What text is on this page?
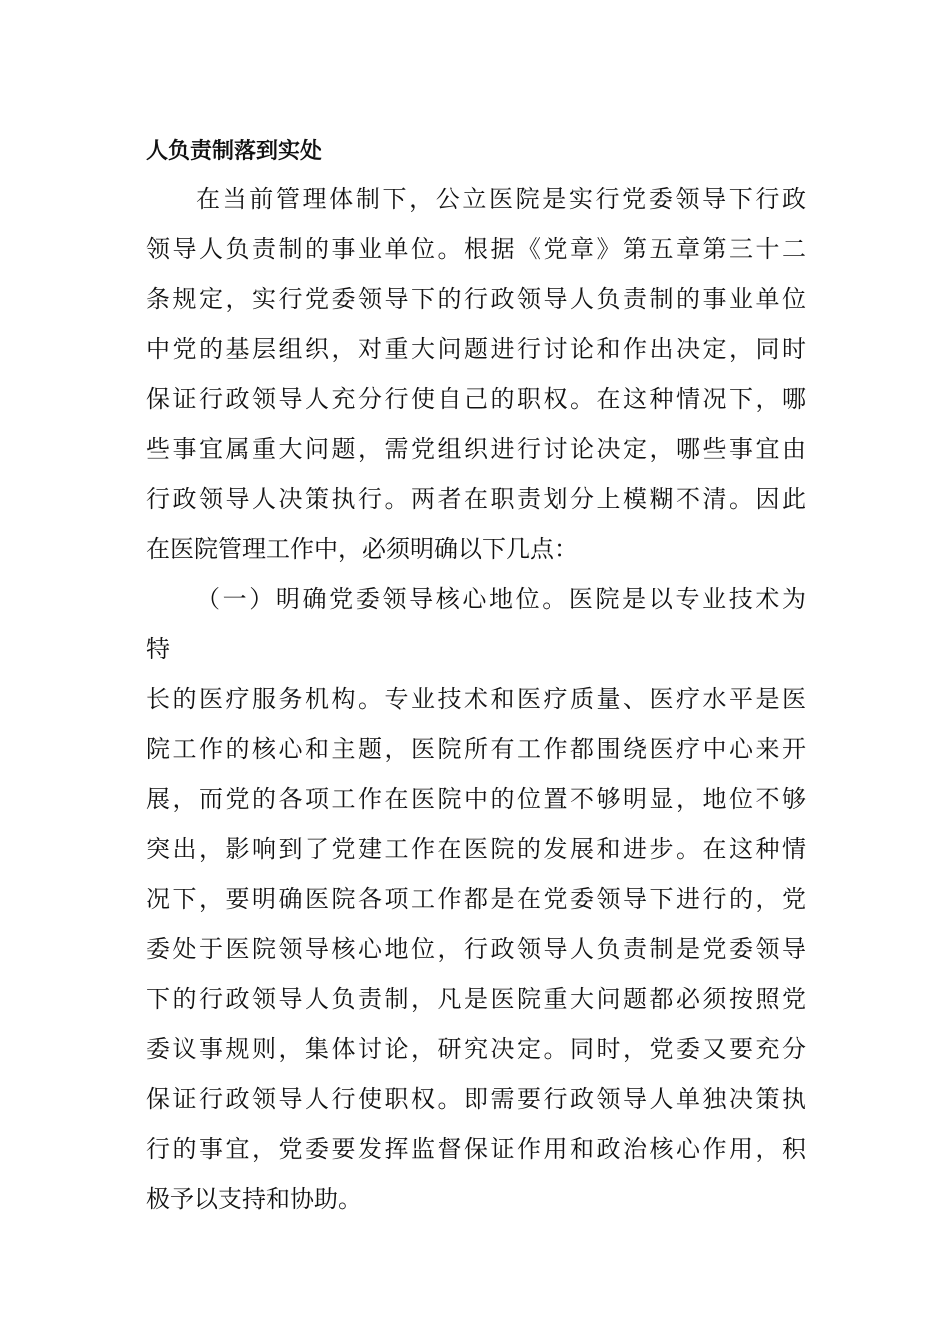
人负责制落到实处
在当前管理体制下，公立医院是实行党委领导下行政
领导人负责制的事业单位。根据《党章》第五章第三十二
条规定，实行党委领导下的行政领导人负责制的事业单位
中党的基层组织，对重大问题进行讨论和作出决定，同时
保证行政领导人充分行使自己的职权。在这种情况下，哪
些事宜属重大问题，需党组织进行讨论决定，哪些事宜由
行政领导人决策执行。两者在职责划分上模糊不清。因此
在医院管理工作中，必须明确以下几点：
（一）明确党委领导核心地位。医院是以专业技术为
特
长的医疗服务机构。专业技术和医疗质量、医疗水平是医
院工作的核心和主题，医院所有工作都围绕医疗中心来开
展，而党的各项工作在医院中的位置不够明显，地位不够
突出，影响到了党建工作在医院的发展和进步。在这种情
况下，要明确医院各项工作都是在党委领导下进行的，党
委处于医院领导核心地位，行政领导人负责制是党委领导
下的行政领导人负责制，凡是医院重大问题都必须按照党
委议事规则，集体讨论，研究决定。同时，党委又要充分
保证行政领导人行使职权。即需要行政领导人单独决策执
行的事宜，党委要发挥监督保证作用和政治核心作用，积
极予以支持和协助。
